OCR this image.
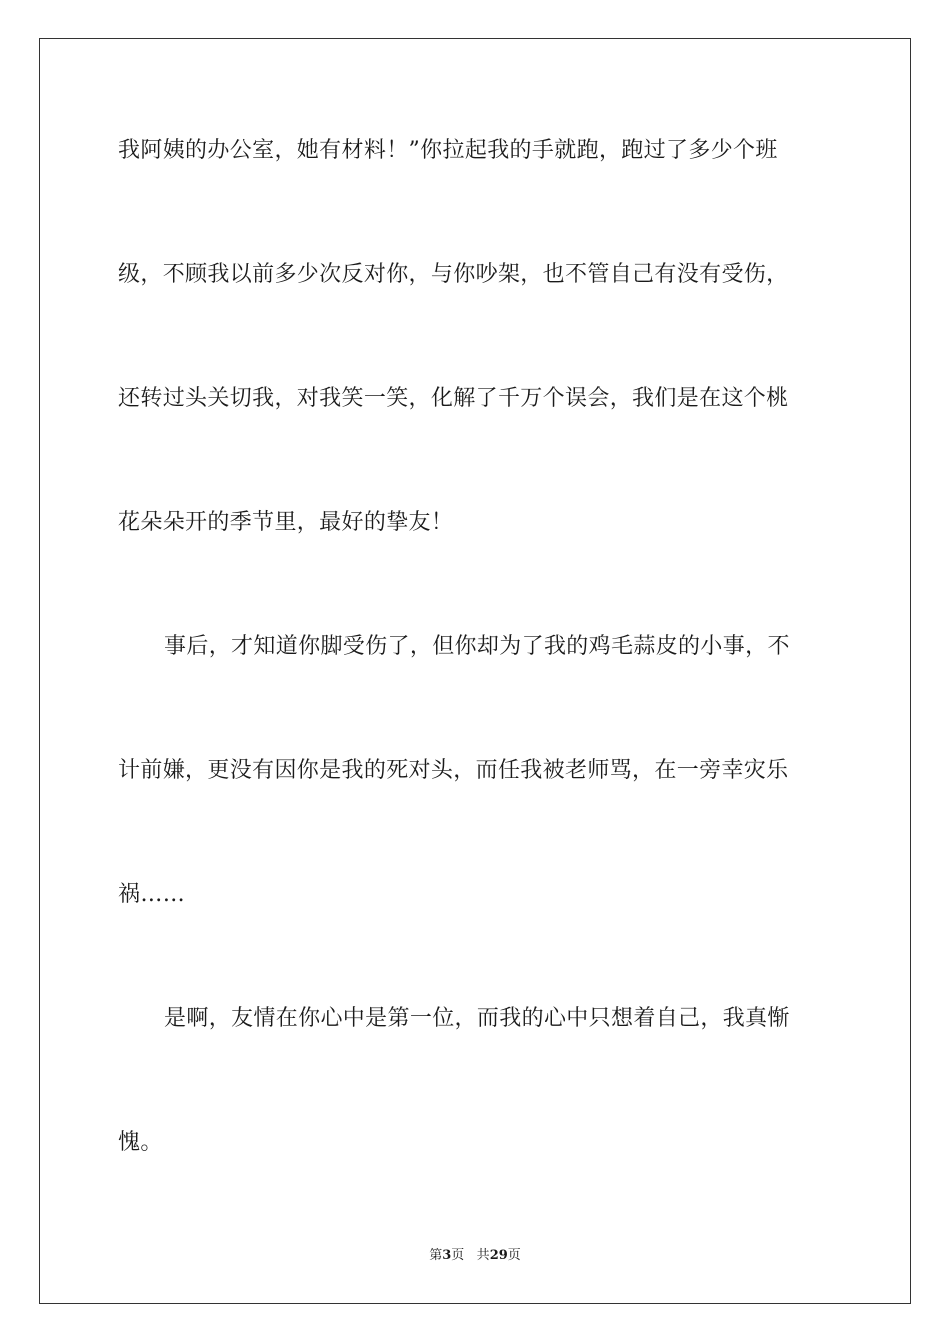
我阿姨的办公室，她有材料！”你拉起我的手就跑，跑过了多少个班
级，不顾我以前多少次反对你，与你吵架，也不管自己有没有受伤，
还转过头关切我，对我笑一笑，化解了千万个误会，我们是在这个桃
花朵朵开的季节里，最好的挚友！
事后，才知道你脚受伤了，但你却为了我的鸡毛蒜皮的小事，不
计前嫌，更没有因你是我的死对头，而任我被老师骂，在一旁幸灾乐
祸……
是啊，友情在你心中是第一位，而我的心中只想着自己，我真惭
愧。
第3页 共29页
